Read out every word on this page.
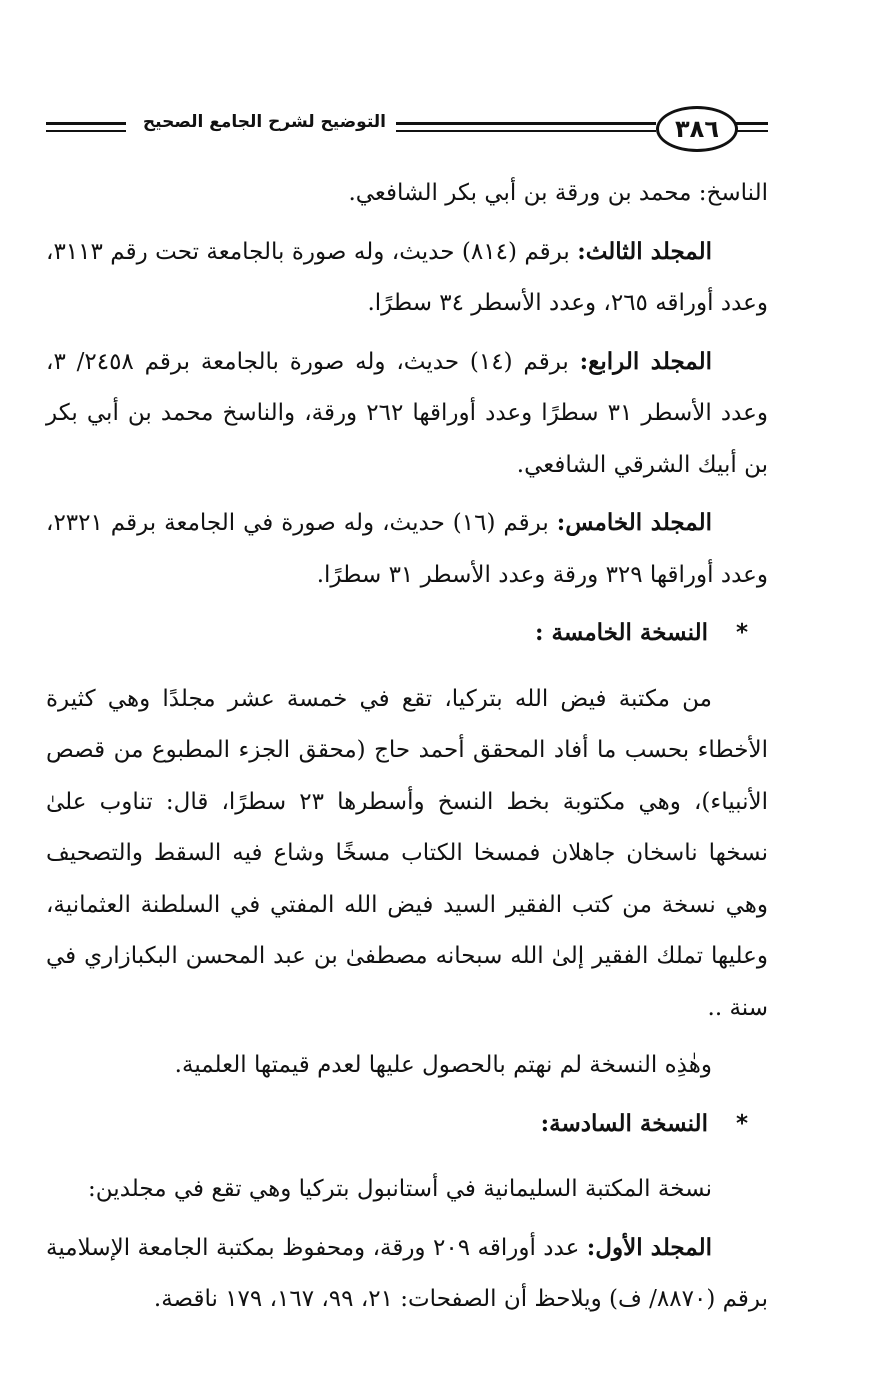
٣٨٦
التوضيح لشرح الجامع الصحيح

الناسخ: محمد بن ورقة بن أبي بكر الشافعي.

المجلد الثالث: برقم (٨١٤) حديث، وله صورة بالجامعة تحت رقم ٣١١٣، وعدد أوراقه ٢٦٥، وعدد الأسطر ٣٤ سطرًا.

المجلد الرابع: برقم (١٤) حديث، وله صورة بالجامعة برقم ٢٤٥٨/ ٣، وعدد الأسطر ٣١ سطرًا وعدد أوراقها ٢٦٢ ورقة، والناسخ محمد بن أبي بكر بن أبيك الشرقي الشافعي.

المجلد الخامس: برقم (١٦) حديث، وله صورة في الجامعة برقم ٢٣٢١، وعدد أوراقها ٣٢٩ ورقة وعدد الأسطر ٣١ سطرًا.

*النسخة الخامسة :

من مكتبة فيض الله بتركيا، تقع في خمسة عشر مجلدًا وهي كثيرة الأخطاء بحسب ما أفاد المحقق أحمد حاج (محقق الجزء المطبوع من قصص الأنبياء)، وهي مكتوبة بخط النسخ وأسطرها ٢٣ سطرًا، قال: تناوب علىٰ نسخها ناسخان جاهلان فمسخا الكتاب مسخًا وشاع فيه السقط والتصحيف وهي نسخة من كتب الفقير السيد فيض الله المفتي في السلطنة العثمانية، وعليها تملك الفقير إلىٰ الله سبحانه مصطفىٰ بن عبد المحسن البكبازاري في سنة ..

وهٰذِه النسخة لم نهتم بالحصول عليها لعدم قيمتها العلمية.

*النسخة السادسة:

نسخة المكتبة السليمانية في أستانبول بتركيا وهي تقع في مجلدين:

المجلد الأول: عدد أوراقه ٢٠٩ ورقة، ومحفوظ بمكتبة الجامعة الإسلامية برقم (٨٨٧٠/ ف) ويلاحظ أن الصفحات: ٢١، ٩٩، ١٦٧، ١٧٩ ناقصة.
